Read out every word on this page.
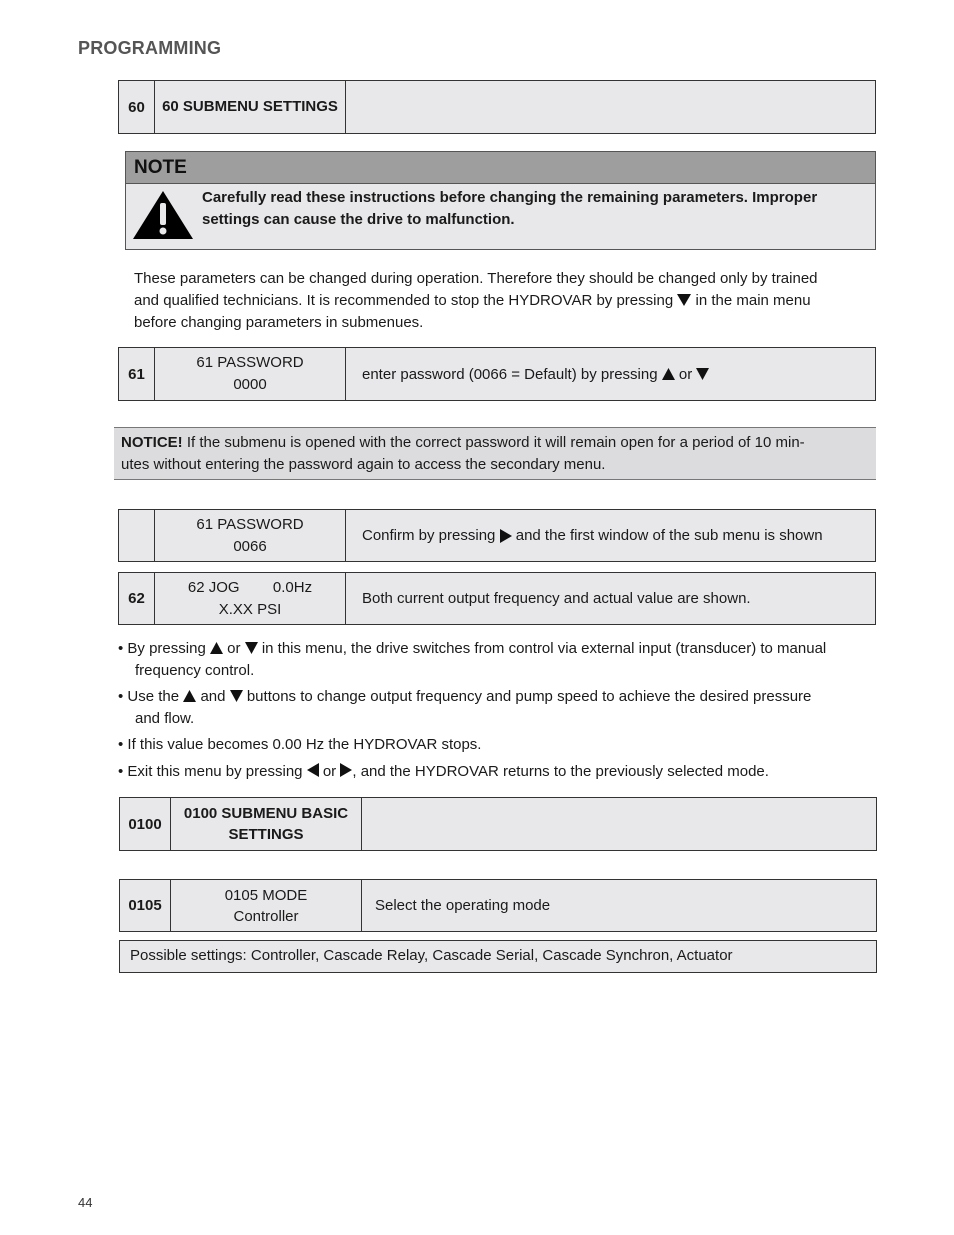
PROGRAMMING
60	60 SUBMENU SETTINGS
NOTE
Carefully read these instructions before changing the remaining parameters. Improper
settings can cause the drive to malfunction.
These parameters can be changed during operation. Therefore they should be changed only by trained
and qualified technicians. It is recommended to stop the HYDROVAR by pressing in the main menu
before changing parameters in submenues.
61
61 PASSWORD
0000
enter password (0066 = Default) by pressing

or

NOTICE! If the submenu is opened with the correct password it will remain open for a period of 10 min-
utes without entering the password again to access the secondary menu.
61 PASSWORD
0066
Confirm by pressing

and the first window of the sub menu is shown
62
62 JOG        0.0Hz
X.XX PSI
Both current output frequency and actual value are shown.
• By pressing or in this menu, the drive switches from control via external input (transducer) to manual
frequency control.
• Use the and buttons to change output frequency and pump speed to achieve the desired pressure
and flow.
• If this value becomes 0.00 Hz the HYDROVAR stops.
• Exit this menu by pressing or , and the HYDROVAR returns to the previously selected mode.
0100
0100 SUBMENU BASIC
SETTINGS
0105
0105 MODE
Controller
Select the operating mode
Possible settings: Controller, Cascade Relay, Cascade Serial, Cascade Synchron, Actuator
44
